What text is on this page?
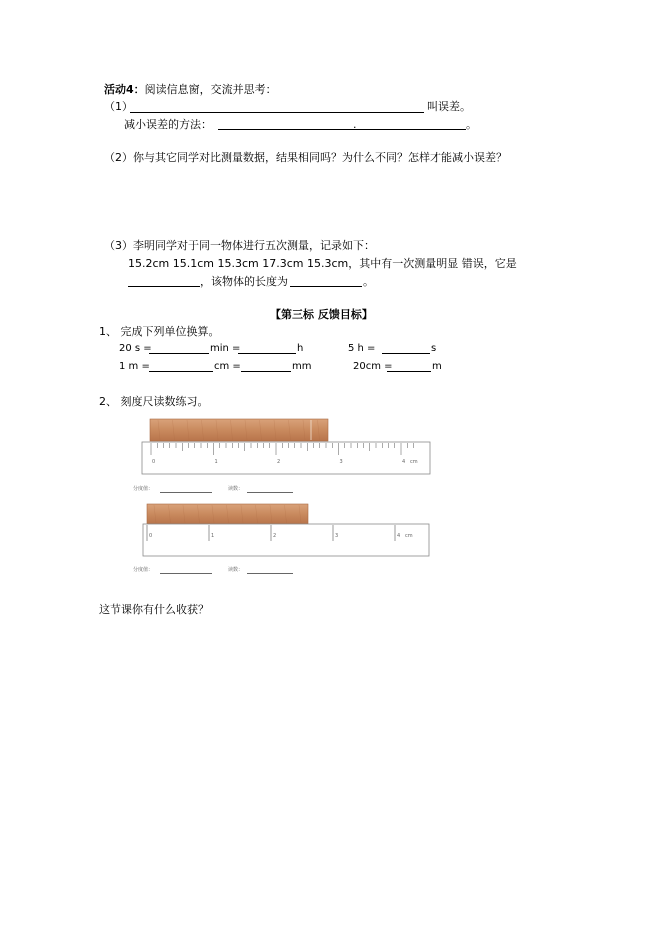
活动4：阅读信息窗，交流并思考：
（1）	叫误差。
减小误差的方法：	.	。
（2）你与其它同学对比测量数据，结果相同吗？为什么不同？怎样才能减小误差？
（3）李明同学对于同一物体进行五次测量，记录如下：
15.2cm 15.1cm 15.3cm 17.3cm 15.3cm，其中有一次测量明显 错误，它是
，该物体的长度为	。
【第三标 反馈目标】
1、 完成下列单位换算。
20 s =	min =	h	5 h =	s
1 m =	cm =	mm	20cm =	m
2、 刻度尺读数练习。
0	1	2	3	4 cm
分度值：	读数：
0	1	2	3	4 cm
分度值：	读数：
这节课你有什么收获？
